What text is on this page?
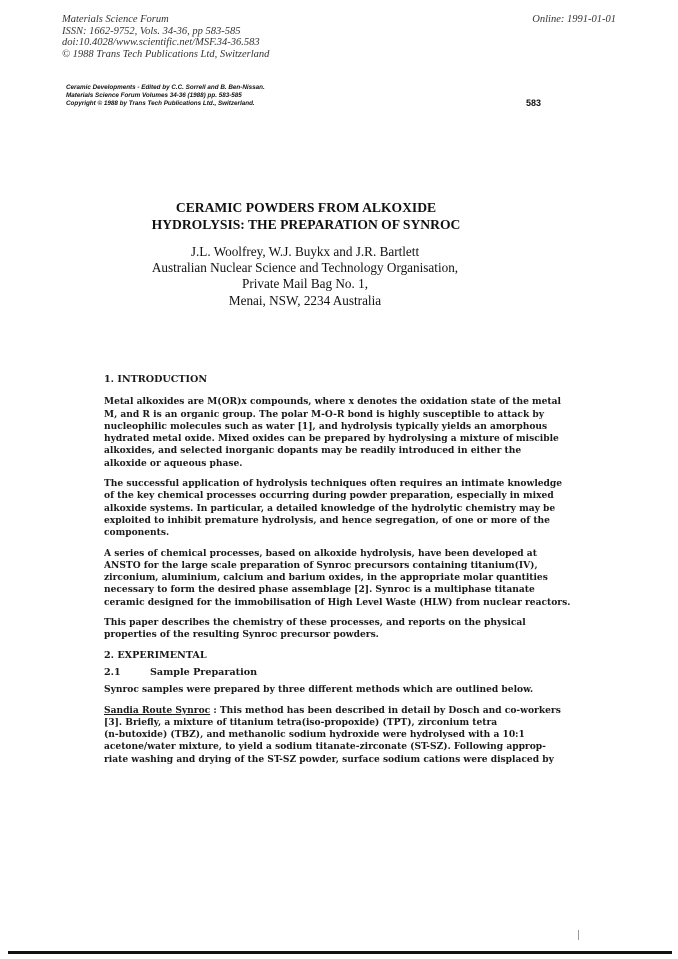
Materials Science Forum
ISSN: 1662-9752, Vols. 34-36, pp 583-585
doi:10.4028/www.scientific.net/MSF.34-36.583
© 1988 Trans Tech Publications Ltd, Switzerland
Online: 1991-01-01
Ceramic Developments - Edited by C.C. Sorrell and B. Ben-Nissan.
Materials Science Forum Volumes 34-36 (1988) pp. 583-585
Copyright © 1988 by Trans Tech Publications Ltd., Switzerland.	583
CERAMIC POWDERS FROM ALKOXIDE
HYDROLYSIS: THE PREPARATION OF SYNROC
J.L. Woolfrey, W.J. Buykx and J.R. Bartlett
Australian Nuclear Science and Technology Organisation,
Private Mail Bag No. 1,
Menai, NSW, 2234 Australia
1. INTRODUCTION
Metal alkoxides are M(OR)x compounds, where x denotes the oxidation state of the metal
M, and R is an organic group. The polar M-O-R bond is highly susceptible to attack by
nucleophilic molecules such as water [1], and hydrolysis typically yields an amorphous
hydrated metal oxide. Mixed oxides can be prepared by hydrolysing a mixture of miscible
alkoxides, and selected inorganic dopants may be readily introduced in either the
alkoxide or aqueous phase.
The successful application of hydrolysis techniques often requires an intimate knowledge
of the key chemical processes occurring during powder preparation, especially in mixed
alkoxide systems. In particular, a detailed knowledge of the hydrolytic chemistry may be
exploited to inhibit premature hydrolysis, and hence segregation, of one or more of the
components.
A series of chemical processes, based on alkoxide hydrolysis, have been developed at
ANSTO for the large scale preparation of Synroc precursors containing titanium(IV),
zirconium, aluminium, calcium and barium oxides, in the appropriate molar quantities
necessary to form the desired phase assemblage [2]. Synroc is a multiphase titanate
ceramic designed for the immobilisation of High Level Waste (HLW) from nuclear reactors.
This paper describes the chemistry of these processes, and reports on the physical
properties of the resulting Synroc precursor powders.
2. EXPERIMENTAL
2.1	Sample Preparation
Synroc samples were prepared by three different methods which are outlined below.
Sandia Route Synroc : This method has been described in detail by Dosch and co-workers
[3]. Briefly, a mixture of titanium tetra(iso-propoxide) (TPT), zirconium tetra
(n-butoxide) (TBZ), and methanolic sodium hydroxide were hydrolysed with a 10:1
acetone/water mixture, to yield a sodium titanate-zirconate (ST-SZ). Following approp-
riate washing and drying of the ST-SZ powder, surface sodium cations were displaced by
